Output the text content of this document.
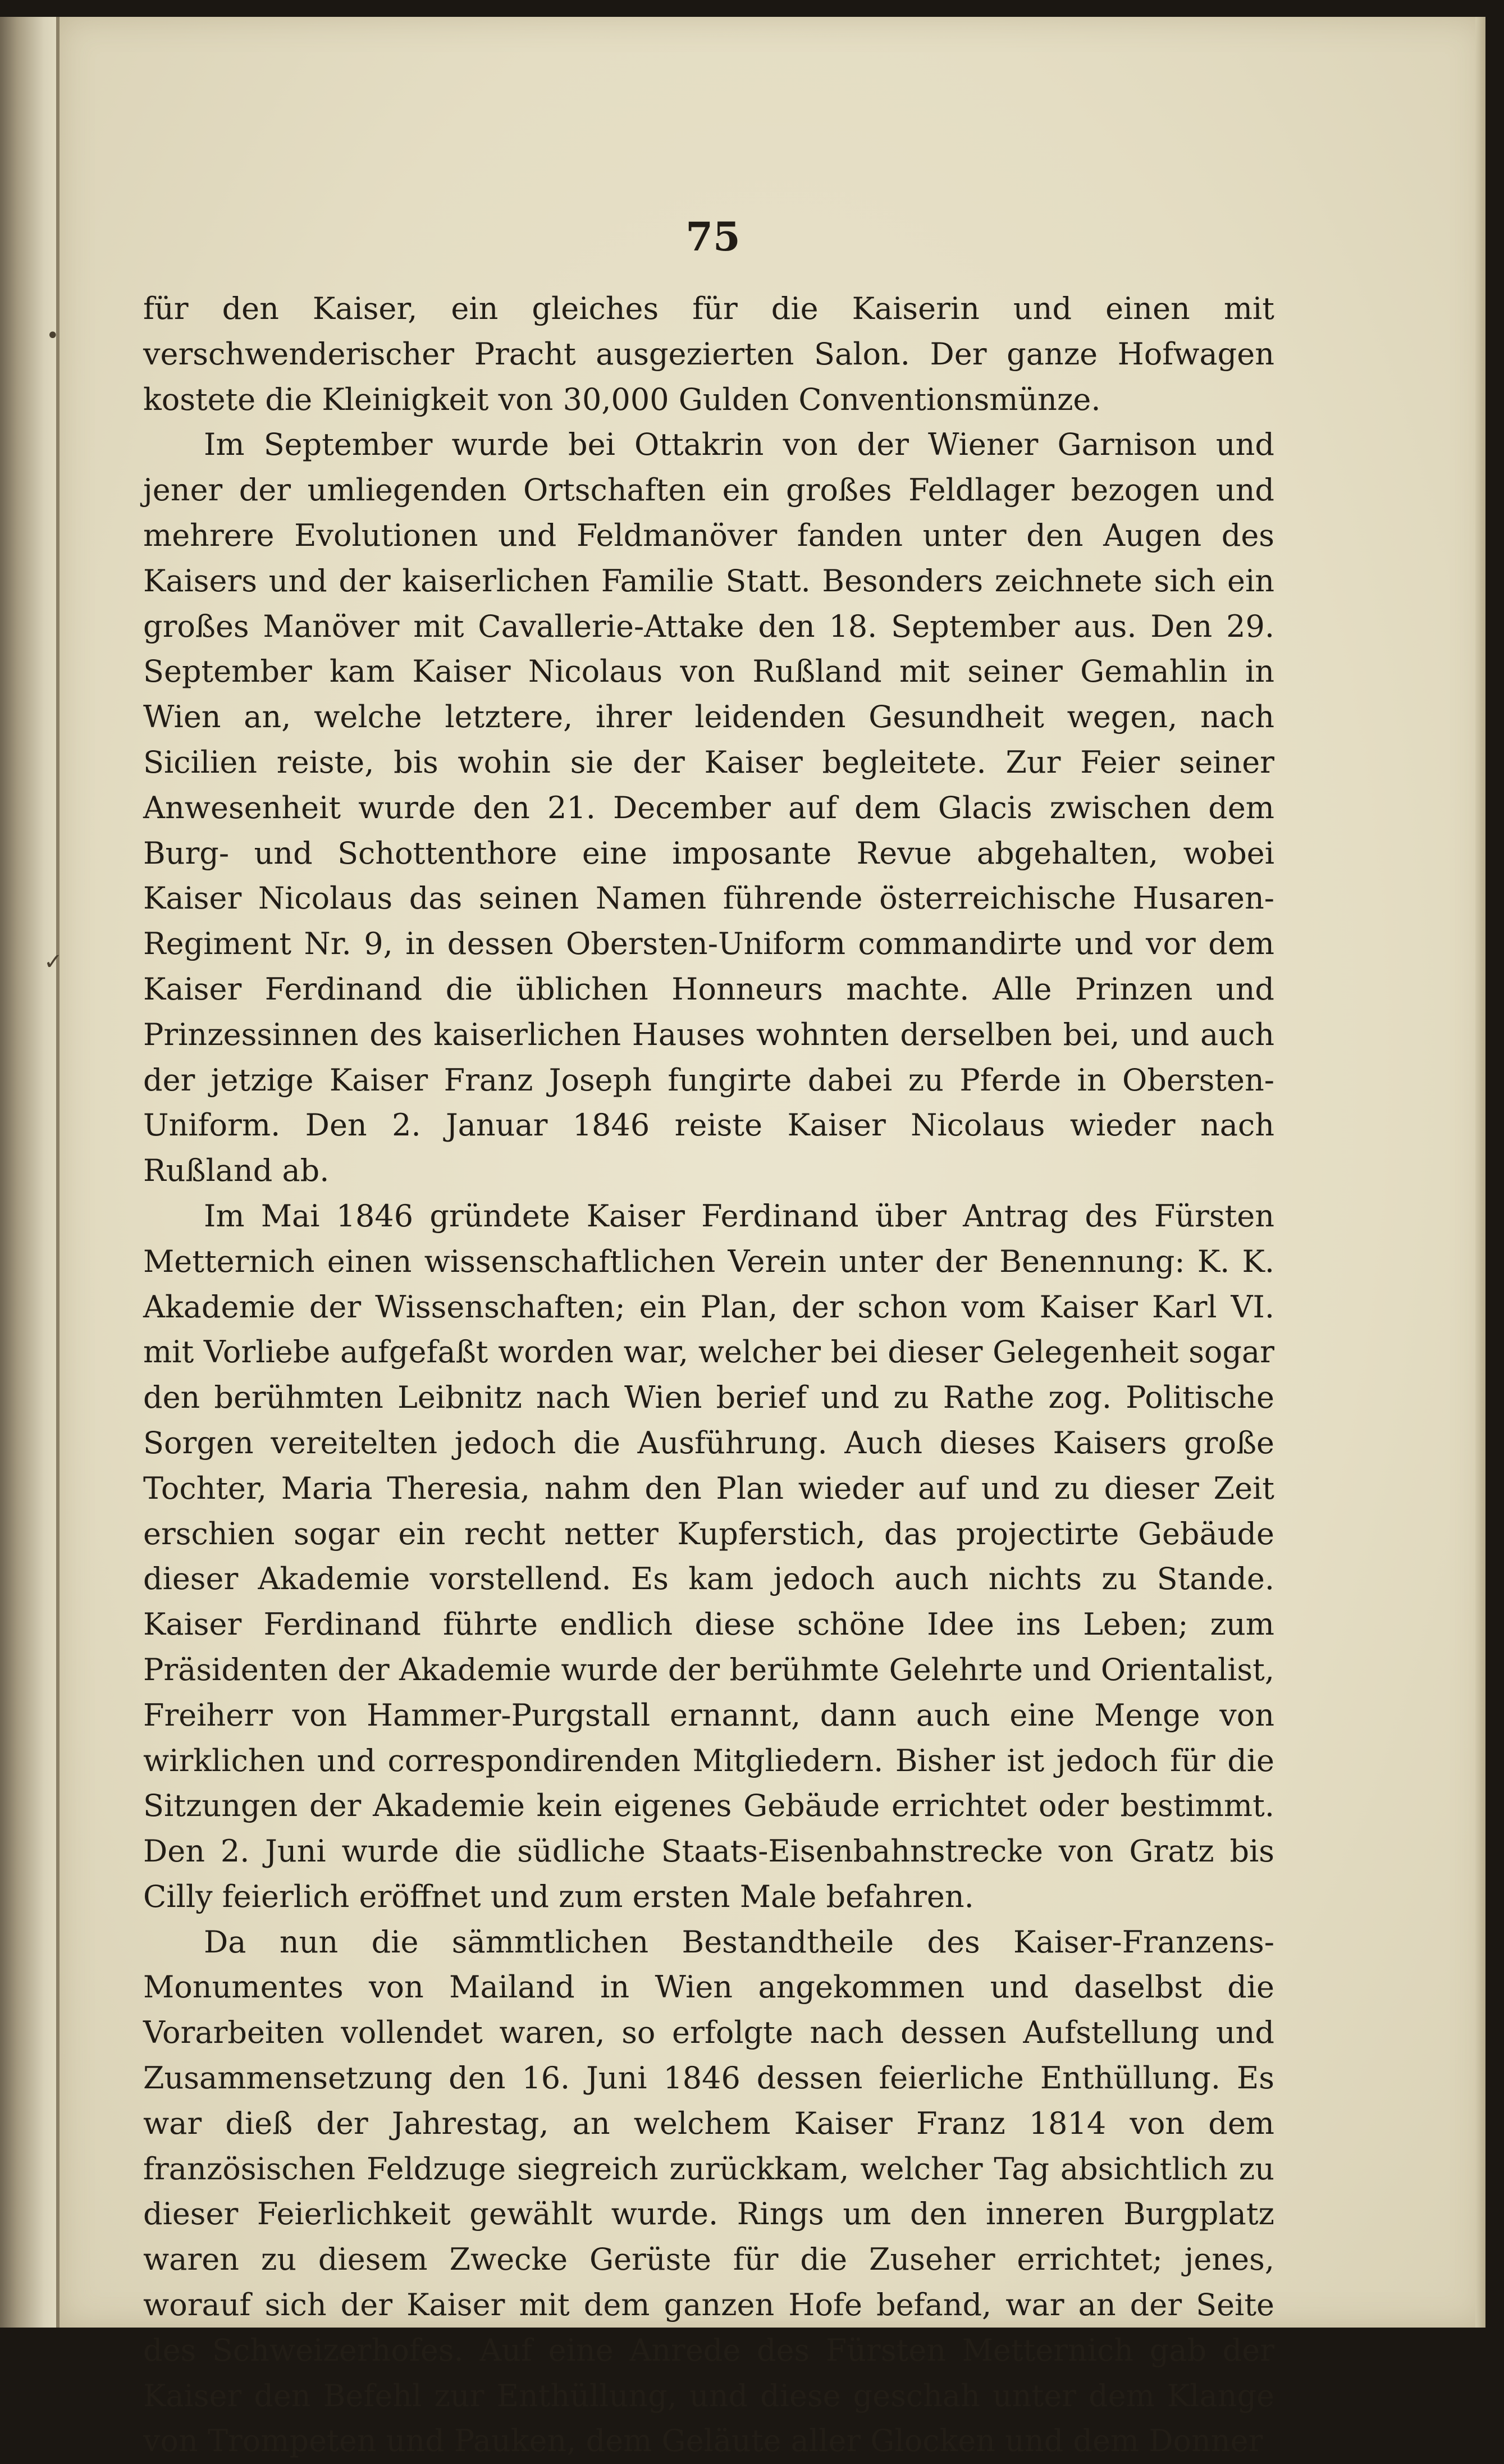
•
✓
75

für den Kaiser, ein gleiches für die Kaiserin und einen mit verschwenderischer Pracht ausgezierten Salon. Der ganze Hofwagen kostete die Kleinigkeit von 30,000 Gulden Conventionsmünze.

Im September wurde bei Ottakrin von der Wiener Garnison und jener der umliegenden Ortschaften ein großes Feldlager bezogen und mehrere Evolutionen und Feldmanöver fanden unter den Augen des Kaisers und der kaiserlichen Familie Statt. Besonders zeichnete sich ein großes Manöver mit Cavallerie-Attake den 18. September aus. Den 29. September kam Kaiser Nicolaus von Rußland mit seiner Gemahlin in Wien an, welche letztere, ihrer leidenden Gesundheit wegen, nach Sicilien reiste, bis wohin sie der Kaiser begleitete. Zur Feier seiner Anwesenheit wurde den 21. December auf dem Glacis zwischen dem Burg- und Schottenthore eine imposante Revue abgehalten, wobei Kaiser Nicolaus das seinen Namen führende österreichische Husaren-Regiment Nr. 9, in dessen Obersten-Uniform commandirte und vor dem Kaiser Ferdinand die üblichen Honneurs machte. Alle Prinzen und Prinzessinnen des kaiserlichen Hauses wohnten derselben bei, und auch der jetzige Kaiser Franz Joseph fungirte dabei zu Pferde in Obersten-Uniform. Den 2. Januar 1846 reiste Kaiser Nicolaus wieder nach Rußland ab.

Im Mai 1846 gründete Kaiser Ferdinand über Antrag des Fürsten Metternich einen wissenschaftlichen Verein unter der Benennung: K. K. Akademie der Wissenschaften; ein Plan, der schon vom Kaiser Karl VI. mit Vorliebe aufgefaßt worden war, welcher bei dieser Gelegenheit sogar den berühmten Leibnitz nach Wien berief und zu Rathe zog. Politische Sorgen vereitelten jedoch die Ausführung. Auch dieses Kaisers große Tochter, Maria Theresia, nahm den Plan wieder auf und zu dieser Zeit erschien sogar ein recht netter Kupferstich, das projectirte Gebäude dieser Akademie vorstellend. Es kam jedoch auch nichts zu Stande. Kaiser Ferdinand führte endlich diese schöne Idee ins Leben; zum Präsidenten der Akademie wurde der berühmte Gelehrte und Orientalist, Freiherr von Hammer-Purgstall ernannt, dann auch eine Menge von wirklichen und correspondirenden Mitgliedern. Bisher ist jedoch für die Sitzungen der Akademie kein eigenes Gebäude errichtet oder bestimmt. Den 2. Juni wurde die südliche Staats-Eisenbahnstrecke von Gratz bis Cilly feierlich eröffnet und zum ersten Male befahren.

Da nun die sämmtlichen Bestandtheile des Kaiser-Franzens-Monumentes von Mailand in Wien angekommen und daselbst die Vorarbeiten vollendet waren, so erfolgte nach dessen Aufstellung und Zusammensetzung den 16. Juni 1846 dessen feierliche Enthüllung. Es war dieß der Jahrestag, an welchem Kaiser Franz 1814 von dem französischen Feldzuge siegreich zurückkam, welcher Tag absichtlich zu dieser Feierlichkeit gewählt wurde. Rings um den inneren Burgplatz waren zu diesem Zwecke Gerüste für die Zuseher errichtet; jenes, worauf sich der Kaiser mit dem ganzen Hofe befand, war an der Seite des Schweizerhofes. Auf eine Anrede des Fürsten Metternich gab der Kaiser den Befehl zur Enthüllung, und diese geschah unter dem Klange von Trompeten und Pauken, dem Geläute aller Glocken und dem Donner
